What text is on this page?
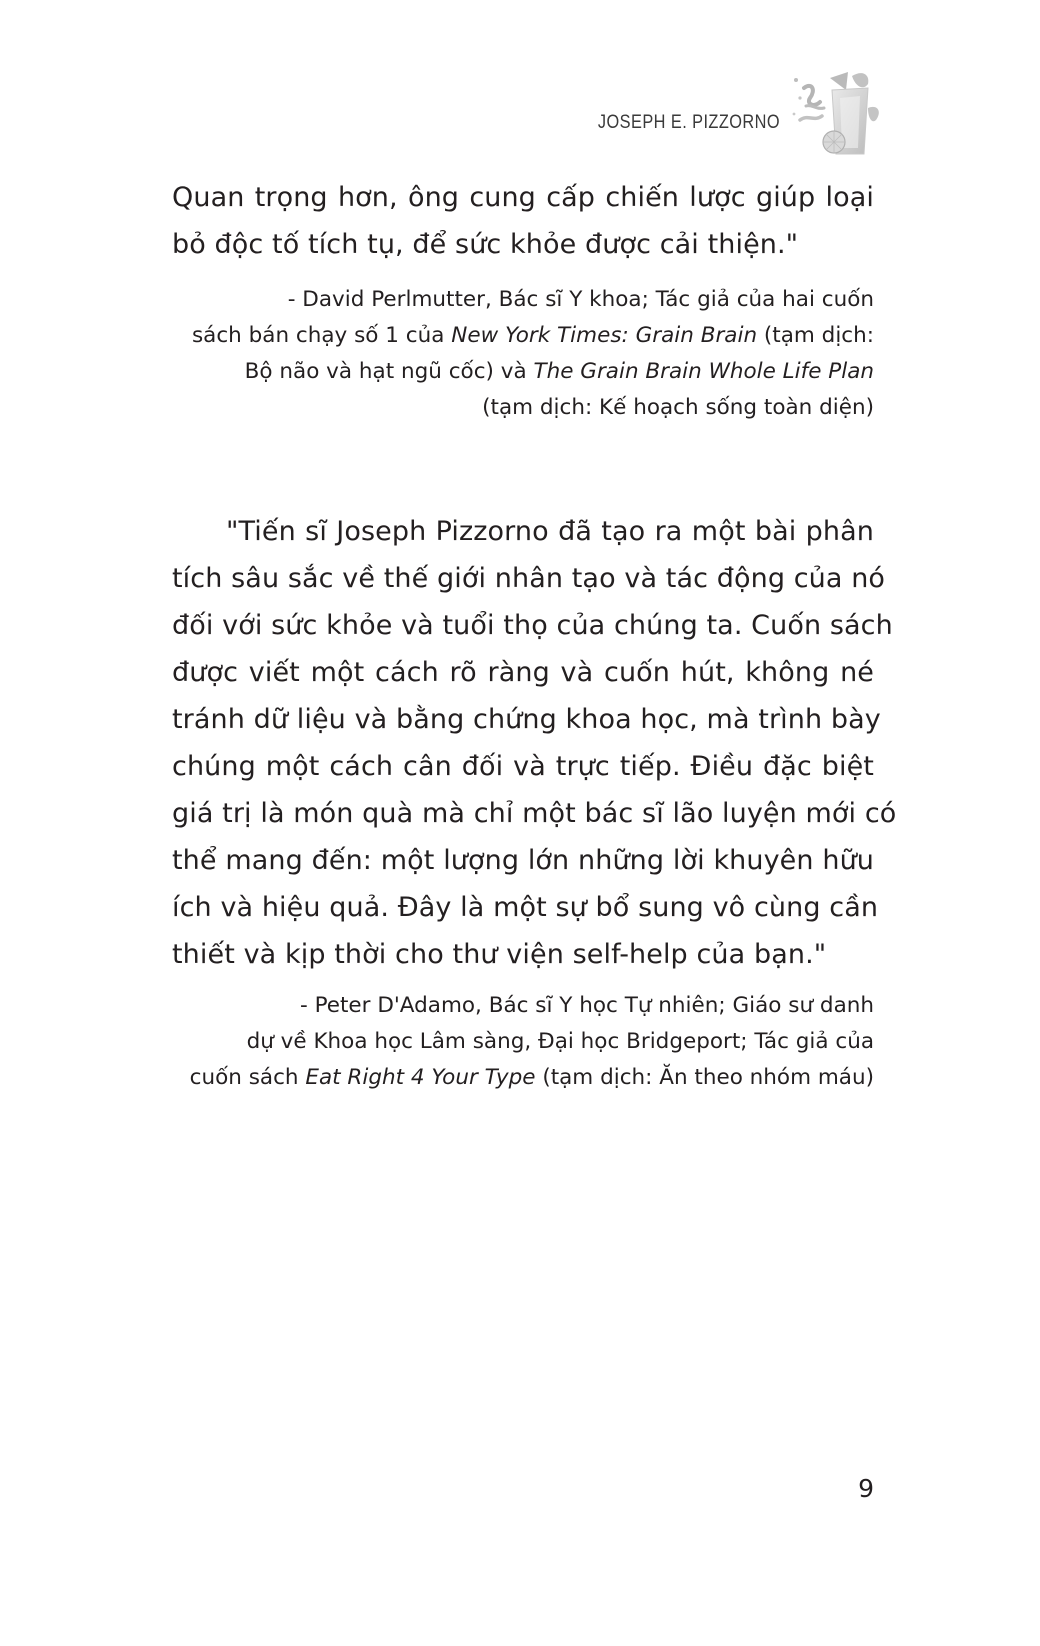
JOSEPH E. PIZZORNO
Quan trọng hơn, ông cung cấp chiến lược giúp loại
bỏ độc tố tích tụ, để sức khỏe được cải thiện."
- David Perlmutter, Bác sĩ Y khoa; Tác giả của hai cuốn
sách bán chạy số 1 của New York Times: Grain Brain (tạm dịch:
Bộ não và hạt ngũ cốc) và The Grain Brain Whole Life Plan
(tạm dịch: Kế hoạch sống toàn diện)
"Tiến sĩ Joseph Pizzorno đã tạo ra một bài phân
tích sâu sắc về thế giới nhân tạo và tác động của nó
đối với sức khỏe và tuổi thọ của chúng ta. Cuốn sách
được viết một cách rõ ràng và cuốn hút, không né
tránh dữ liệu và bằng chứng khoa học, mà trình bày
chúng một cách cân đối và trực tiếp. Điều đặc biệt
giá trị là món quà mà chỉ một bác sĩ lão luyện mới có
thể mang đến: một lượng lớn những lời khuyên hữu
ích và hiệu quả. Đây là một sự bổ sung vô cùng cần
thiết và kịp thời cho thư viện self-help của bạn."
- Peter D'Adamo, Bác sĩ Y học Tự nhiên; Giáo sư danh
dự về Khoa học Lâm sàng, Đại học Bridgeport; Tác giả của
cuốn sách Eat Right 4 Your Type (tạm dịch: Ăn theo nhóm máu)
9
